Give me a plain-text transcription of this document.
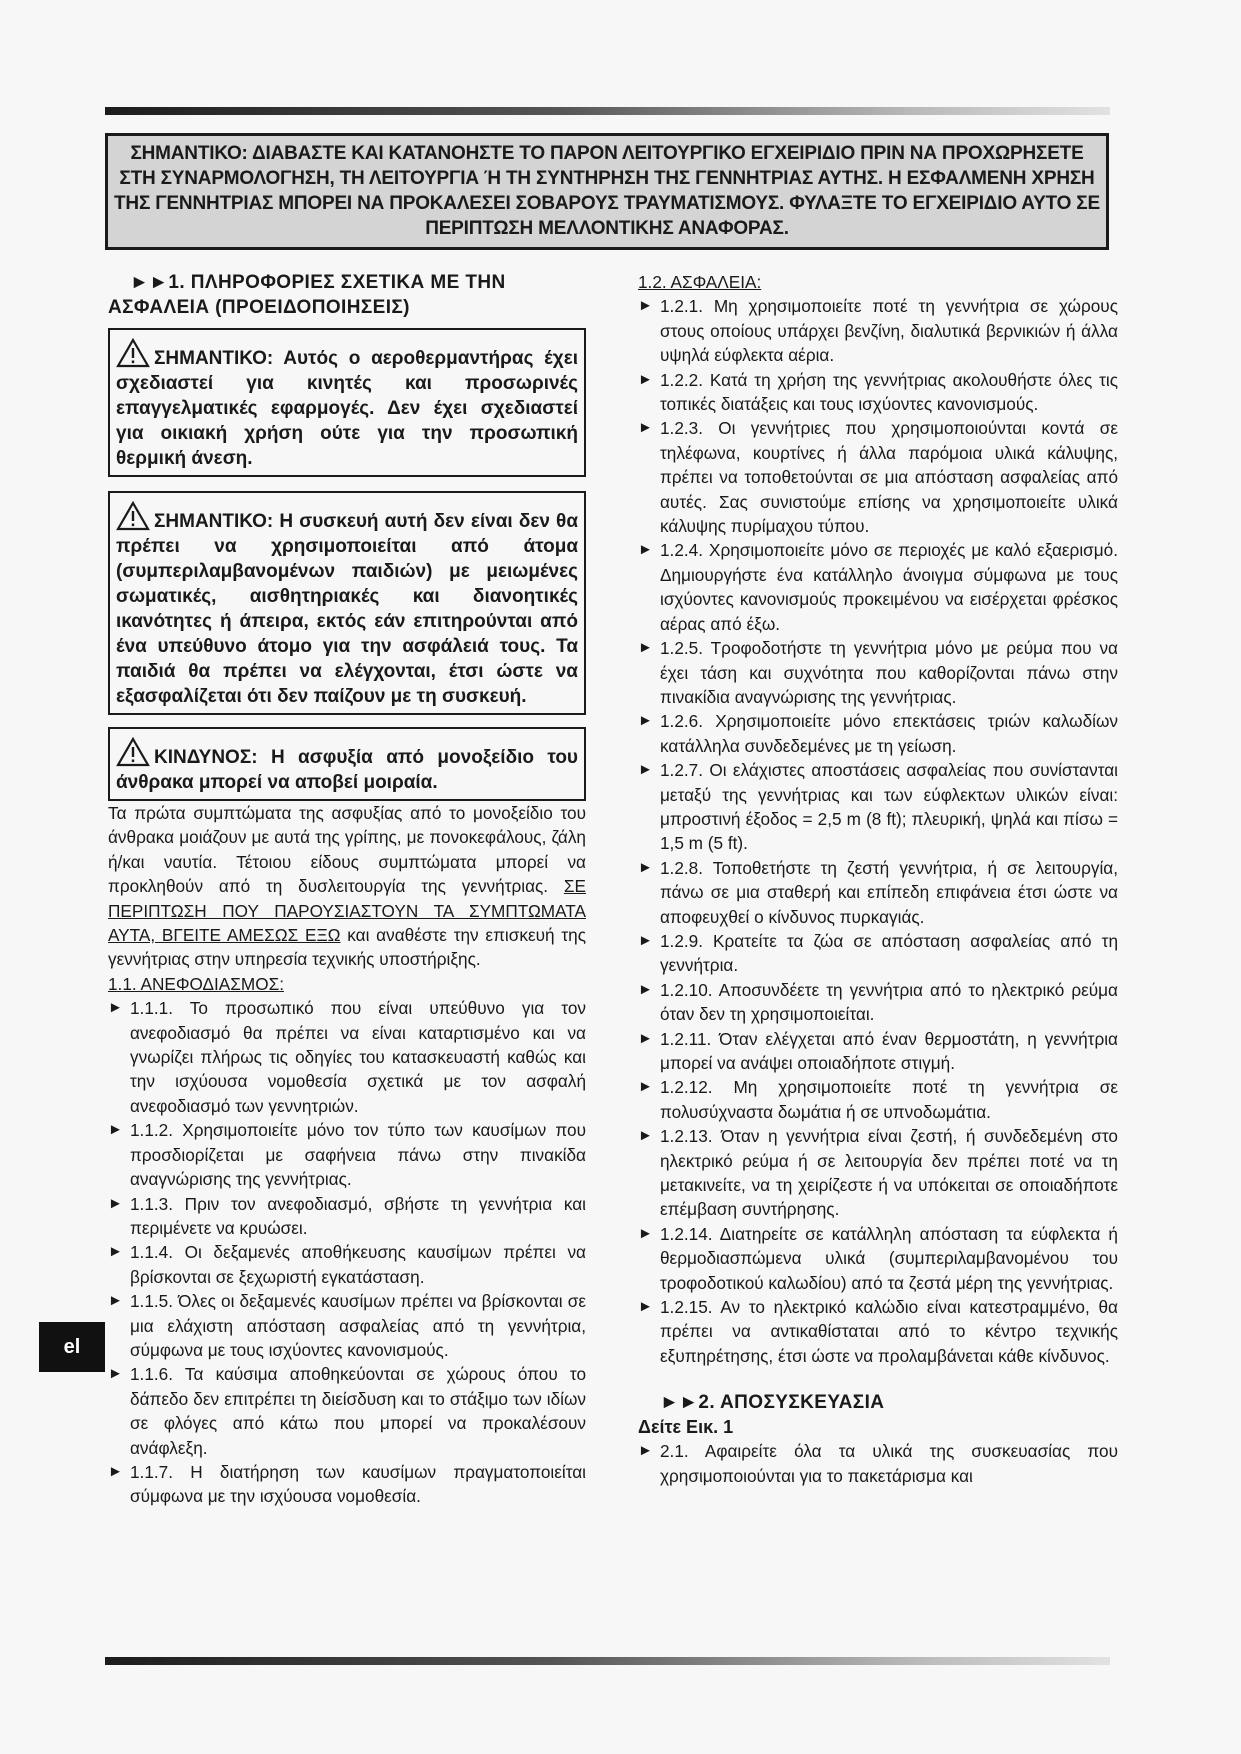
ΣΗΜΑΝΤΙΚΟ: ΔΙΑΒΑΣΤΕ ΚΑΙ ΚΑΤΑΝΟΗΣΤΕ ΤΟ ΠΑΡΟΝ ΛΕΙΤΟΥΡΓΙΚΟ ΕΓΧΕΙΡΙΔΙΟ ΠΡΙΝ ΝΑ ΠΡΟΧΩΡΗΣΕΤΕ ΣΤΗ ΣΥΝΑΡΜΟΛΟΓΗΣΗ, ΤΗ ΛΕΙΤΟΥΡΓΙΑ Ή ΤΗ ΣΥΝΤΗΡΗΣΗ ΤΗΣ ΓΕΝΝΗΤΡΙΑΣ ΑΥΤΗΣ. Η ΕΣΦΑΛΜΕΝΗ ΧΡΗΣΗ ΤΗΣ ΓΕΝΝΗΤΡΙΑΣ ΜΠΟΡΕΙ ΝΑ ΠΡΟΚΑΛΕΣΕΙ ΣΟΒΑΡΟΥΣ ΤΡΑΥΜΑΤΙΣΜΟΥΣ. ΦΥΛΑΞΤΕ ΤΟ ΕΓΧΕΙΡΙΔΙΟ ΑΥΤΟ ΣΕ ΠΕΡΙΠΤΩΣΗ ΜΕΛΛΟΝΤΙΚΗΣ ΑΝΑΦΟΡΑΣ.
►►1. ΠΛΗΡΟΦΟΡΙΕΣ ΣΧΕΤΙΚΑ ΜΕ ΤΗΝ ΑΣΦΑΛΕΙΑ (ΠΡΟΕΙΔΟΠΟΙΗΣΕΙΣ)
ΣΗΜΑΝΤΙΚΟ: Αυτός ο αεροθερμαντήρας έχει σχεδιαστεί για κινητές και προσωρινές επαγγελματικές εφαρμογές. Δεν έχει σχεδιαστεί για οικιακή χρήση ούτε για την προσωπική θερμική άνεση.
ΣΗΜΑΝΤΙΚΟ: Η συσκευή αυτή δεν είναι δεν θα πρέπει να χρησιμοποιείται από άτομα (συμπεριλαμβανομένων παιδιών) με μειωμένες σωματικές, αισθητηριακές και διανοητικές ικανότητες ή άπειρα, εκτός εάν επιτηρούνται από ένα υπεύθυνο άτομο για την ασφάλειά τους. Τα παιδιά θα πρέπει να ελέγχονται, έτσι ώστε να εξασφαλίζεται ότι δεν παίζουν με τη συσκευή.
ΚΙΝΔΥΝΟΣ: Η ασφυξία από μονοξείδιο του άνθρακα μπορεί να αποβεί μοιραία.
Τα πρώτα συμπτώματα της ασφυξίας από το μονοξείδιο του άνθρακα μοιάζουν με αυτά της γρίπης, με πονοκεφάλους, ζάλη ή/και ναυτία. Τέτοιου είδους συμπτώματα μπορεί να προκληθούν από τη δυσλειτουργία της γεννήτριας. ΣΕ ΠΕΡΙΠΤΩΣΗ ΠΟΥ ΠΑΡΟΥΣΙΑΣΤΟΥΝ ΤΑ ΣΥΜΠΤΩΜΑΤΑ ΑΥΤΑ, ΒΓΕΙΤΕ ΑΜΕΣΩΣ ΕΞΩ και αναθέστε την επισκευή της γεννήτριας στην υπηρεσία τεχνικής υποστήριξης.
1.1. ΑΝΕΦΟΔΙΑΣΜΟΣ:
► 1.1.1. Το προσωπικό που είναι υπεύθυνο για τον ανεφοδιασμό θα πρέπει να είναι καταρτισμένο και να γνωρίζει πλήρως τις οδηγίες του κατασκευαστή καθώς και την ισχύουσα νομοθεσία σχετικά με τον ασφαλή ανεφοδιασμό των γεννητριών.
► 1.1.2. Χρησιμοποιείτε μόνο τον τύπο των καυσίμων που προσδιορίζεται με σαφήνεια πάνω στην πινακίδα αναγνώρισης της γεννήτριας.
► 1.1.3. Πριν τον ανεφοδιασμό, σβήστε τη γεννήτρια και περιμένετε να κρυώσει.
► 1.1.4. Οι δεξαμενές αποθήκευσης καυσίμων πρέπει να βρίσκονται σε ξεχωριστή εγκατάσταση.
► 1.1.5. Όλες οι δεξαμενές καυσίμων πρέπει να βρίσκονται σε μια ελάχιστη απόσταση ασφαλείας από τη γεννήτρια, σύμφωνα με τους ισχύοντες κανονισμούς.
► 1.1.6. Τα καύσιμα αποθηκεύονται σε χώρους όπου το δάπεδο δεν επιτρέπει τη διείσδυση και το στάξιμο των ιδίων σε φλόγες από κάτω που μπορεί να προκαλέσουν ανάφλεξη.
► 1.1.7. Η διατήρηση των καυσίμων πραγματοποιείται σύμφωνα με την ισχύουσα νομοθεσία.
1.2. ΑΣΦΑΛΕΙΑ:
► 1.2.1. Μη χρησιμοποιείτε ποτέ τη γεννήτρια σε χώρους στους οποίους υπάρχει βενζίνη, διαλυτικά βερνικιών ή άλλα υψηλά εύφλεκτα αέρια.
► 1.2.2. Κατά τη χρήση της γεννήτριας ακολουθήστε όλες τις τοπικές διατάξεις και τους ισχύοντες κανονισμούς.
► 1.2.3. Οι γεννήτριες που χρησιμοποιούνται κοντά σε τηλέφωνα, κουρτίνες ή άλλα παρόμοια υλικά κάλυψης, πρέπει να τοποθετούνται σε μια απόσταση ασφαλείας από αυτές. Σας συνιστούμε επίσης να χρησιμοποιείτε υλικά κάλυψης πυρίμαχου τύπου.
► 1.2.4. Χρησιμοποιείτε μόνο σε περιοχές με καλό εξαερισμό. Δημιουργήστε ένα κατάλληλο άνοιγμα σύμφωνα με τους ισχύοντες κανονισμούς προκειμένου να εισέρχεται φρέσκος αέρας από έξω.
► 1.2.5. Τροφοδοτήστε τη γεννήτρια μόνο με ρεύμα που να έχει τάση και συχνότητα που καθορίζονται πάνω στην πινακίδια αναγνώρισης της γεννήτριας.
► 1.2.6. Χρησιμοποιείτε μόνο επεκτάσεις τριών καλωδίων κατάλληλα συνδεδεμένες με τη γείωση.
► 1.2.7. Οι ελάχιστες αποστάσεις ασφαλείας που συνίστανται μεταξύ της γεννήτριας και των εύφλεκτων υλικών είναι: μπροστινή έξοδος = 2,5 m (8 ft); πλευρική, ψηλά και πίσω = 1,5 m (5 ft).
► 1.2.8. Τοποθετήστε τη ζεστή γεννήτρια, ή σε λειτουργία, πάνω σε μια σταθερή και επίπεδη επιφάνεια έτσι ώστε να αποφευχθεί ο κίνδυνος πυρκαγιάς.
► 1.2.9. Κρατείτε τα ζώα σε απόσταση ασφαλείας από τη γεννήτρια.
► 1.2.10. Αποσυνδέετε τη γεννήτρια από το ηλεκτρικό ρεύμα όταν δεν τη χρησιμοποιείται.
► 1.2.11. Όταν ελέγχεται από έναν θερμοστάτη, η γεννήτρια μπορεί να ανάψει οποιαδήποτε στιγμή.
► 1.2.12. Μη χρησιμοποιείτε ποτέ τη γεννήτρια σε πολυσύχναστα δωμάτια ή σε υπνοδωμάτια.
► 1.2.13. Όταν η γεννήτρια είναι ζεστή, ή συνδεδεμένη στο ηλεκτρικό ρεύμα ή σε λειτουργία δεν πρέπει ποτέ να τη μετακινείτε, να τη χειρίζεστε ή να υπόκειται σε οποιαδήποτε επέμβαση συντήρησης.
► 1.2.14. Διατηρείτε σε κατάλληλη απόσταση τα εύφλεκτα ή θερμοδιασπώμενα υλικά (συμπεριλαμβανομένου του τροφοδοτικού καλωδίου) από τα ζεστά μέρη της γεννήτριας.
► 1.2.15. Αν το ηλεκτρικό καλώδιο είναι κατεστραμμένο, θα πρέπει να αντικαθίσταται από το κέντρο τεχνικής εξυπηρέτησης, έτσι ώστε να προλαμβάνεται κάθε κίνδυνος.
►►2. ΑΠΟΣΥΣΚΕΥΑΣΙΑ
Δείτε Εικ. 1
► 2.1. Αφαιρείτε όλα τα υλικά της συσκευασίας που χρησιμοποιούνται για το πακετάρισμα και
el
